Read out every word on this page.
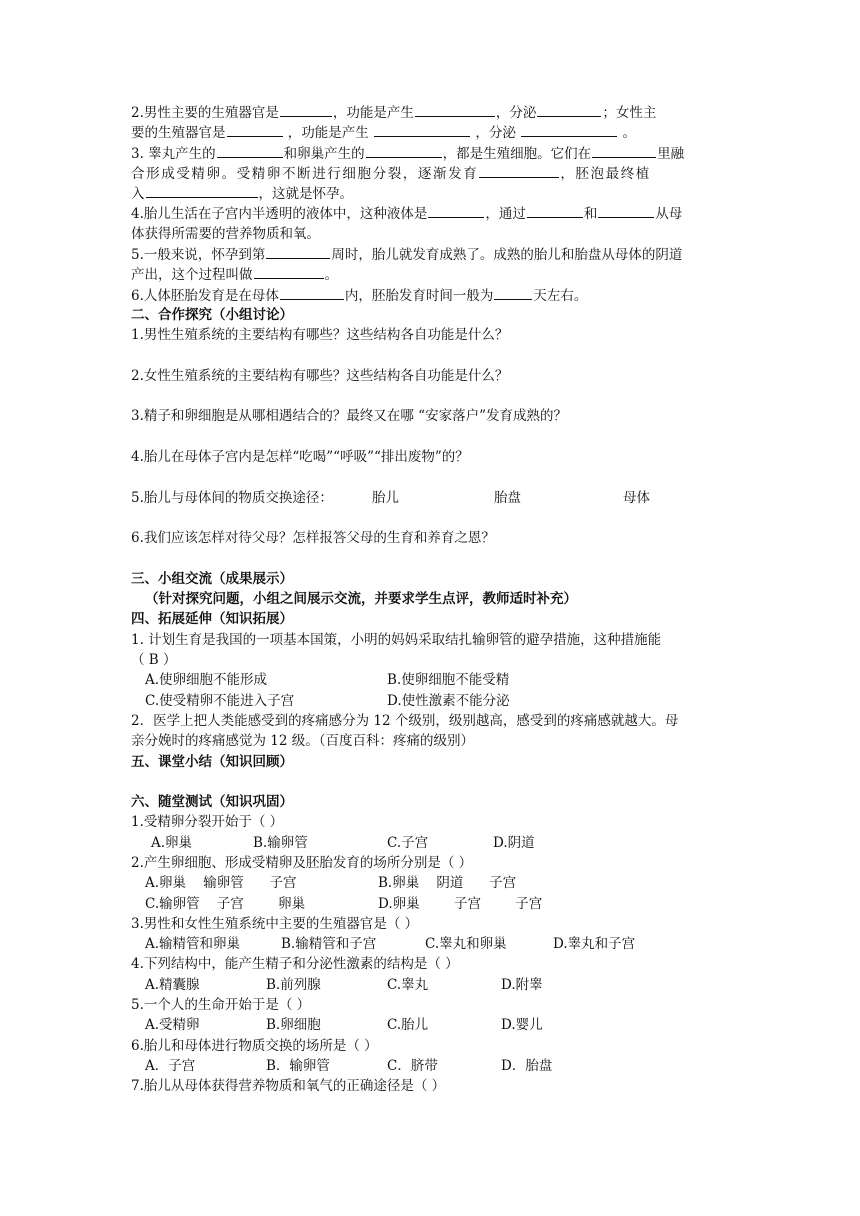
2.男性主要的生殖器官是	，功能是产生	，分泌	；女性主
要的生殖器官是	，功能是产生	，分泌	。
3. 睾丸产生的	和卵巢产生的	，都是生殖细胞。它们在	里融
合形成受精卵。受精卵不断进行细胞分裂，逐渐发育	，胚泡最终植
入	，这就是怀孕。
4.胎儿生活在子宫内半透明的液体中，这种液体是	，通过	和	从母
体获得所需要的营养物质和氧。
5.一般来说，怀孕到第	周时，胎儿就发育成熟了。成熟的胎儿和胎盘从母体的阴道
产出，这个过程叫做	。
6.人体胚胎发育是在母体	内，胚胎发育时间一般为	天左右。
二、合作探究（小组讨论）
1.男性生殖系统的主要结构有哪些？这些结构各自功能是什么？
2.女性生殖系统的主要结构有哪些？这些结构各自功能是什么？
3.精子和卵细胞是从哪相遇结合的？最终又在哪 “安家落户”发育成熟的？
4.胎儿在母体子宫内是怎样“吃喝”“呼吸”“排出废物”的？
5.胎儿与母体间的物质交换途径：	胎儿	胎盘	母体
6.我们应该怎样对待父母？怎样报答父母的生育和养育之恩？
三、小组交流（成果展示）
（针对探究问题，小组之间展示交流，并要求学生点评，教师适时补充）
四、拓展延伸（知识拓展）
1. 计划生育是我国的一项基本国策，小明的妈妈采取结扎输卵管的避孕措施，这种措施能
（ B ）
A.使卵细胞不能形成	B.使卵细胞不能受精
C.使受精卵不能进入子宫	D.使性激素不能分泌
2．医学上把人类能感受到的疼痛感分为 12 个级别，级别越高，感受到的疼痛感就越大。母
亲分娩时的疼痛感觉为 12 级。（百度百科：疼痛的级别）
五、课堂小结（知识回顾）
六、随堂测试（知识巩固）
1.受精卵分裂开始于（ ）
A.卵巢	B.输卵管	C.子宫	D.阴道
2.产生卵细胞、形成受精卵及胚胎发育的场所分别是（ ）
A.卵巢    输卵管      子宫	B.卵巢    阴道      子宫
C.输卵管    子宫        卵巢	D.卵巢        子宫        子宫
3.男性和女性生殖系统中主要的生殖器官是（ ）
A.输精管和卵巢	B.输精管和子宫	C.睾丸和卵巢	D.睾丸和子宫
4.下列结构中，能产生精子和分泌性激素的结构是（ ）
A.精囊腺	B.前列腺	C.睾丸	D.附睾
5.一个人的生命开始于是（ ）
A.受精卵	B.卵细胞	C.胎儿	D.婴儿
6.胎儿和母体进行物质交换的场所是（ ）
A．子宫	B．输卵管	C．脐带	D．胎盘
7.胎儿从母体获得营养物质和氧气的正确途径是（ ）
